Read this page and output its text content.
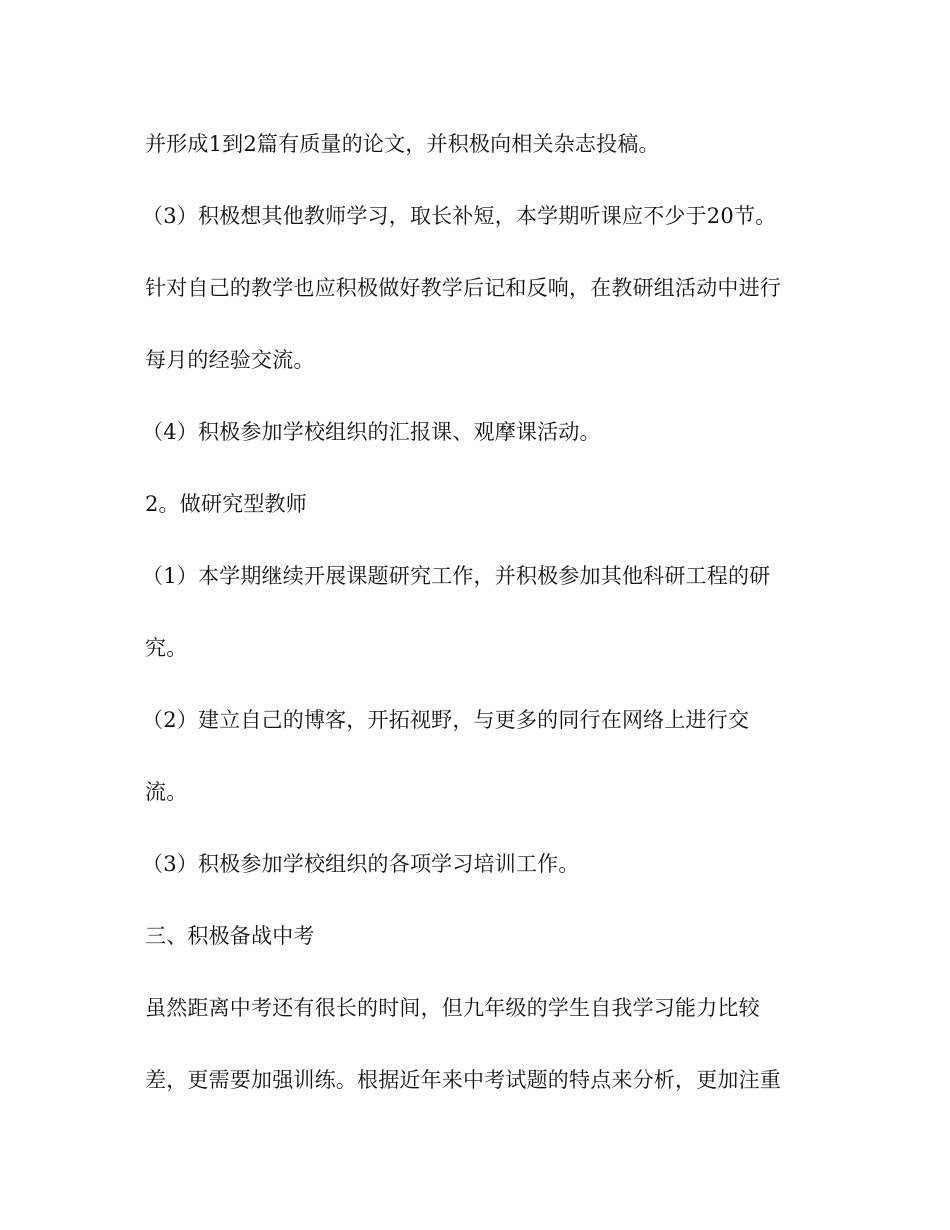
并形成1到2篇有质量的论文，并积极向相关杂志投稿。

（3）积极想其他教师学习，取长补短，本学期听课应不少于20节。

针对自己的教学也应积极做好教学后记和反响，在教研组活动中进行

每月的经验交流。

（4）积极参加学校组织的汇报课、观摩课活动。

2。做研究型教师

（1）本学期继续开展课题研究工作，并积极参加其他科研工程的研

究。

（2）建立自己的博客，开拓视野，与更多的同行在网络上进行交

流。

（3）积极参加学校组织的各项学习培训工作。

三、积极备战中考

虽然距离中考还有很长的时间，但九年级的学生自我学习能力比较

差，更需要加强训练。根据近年来中考试题的特点来分析，更加注重
